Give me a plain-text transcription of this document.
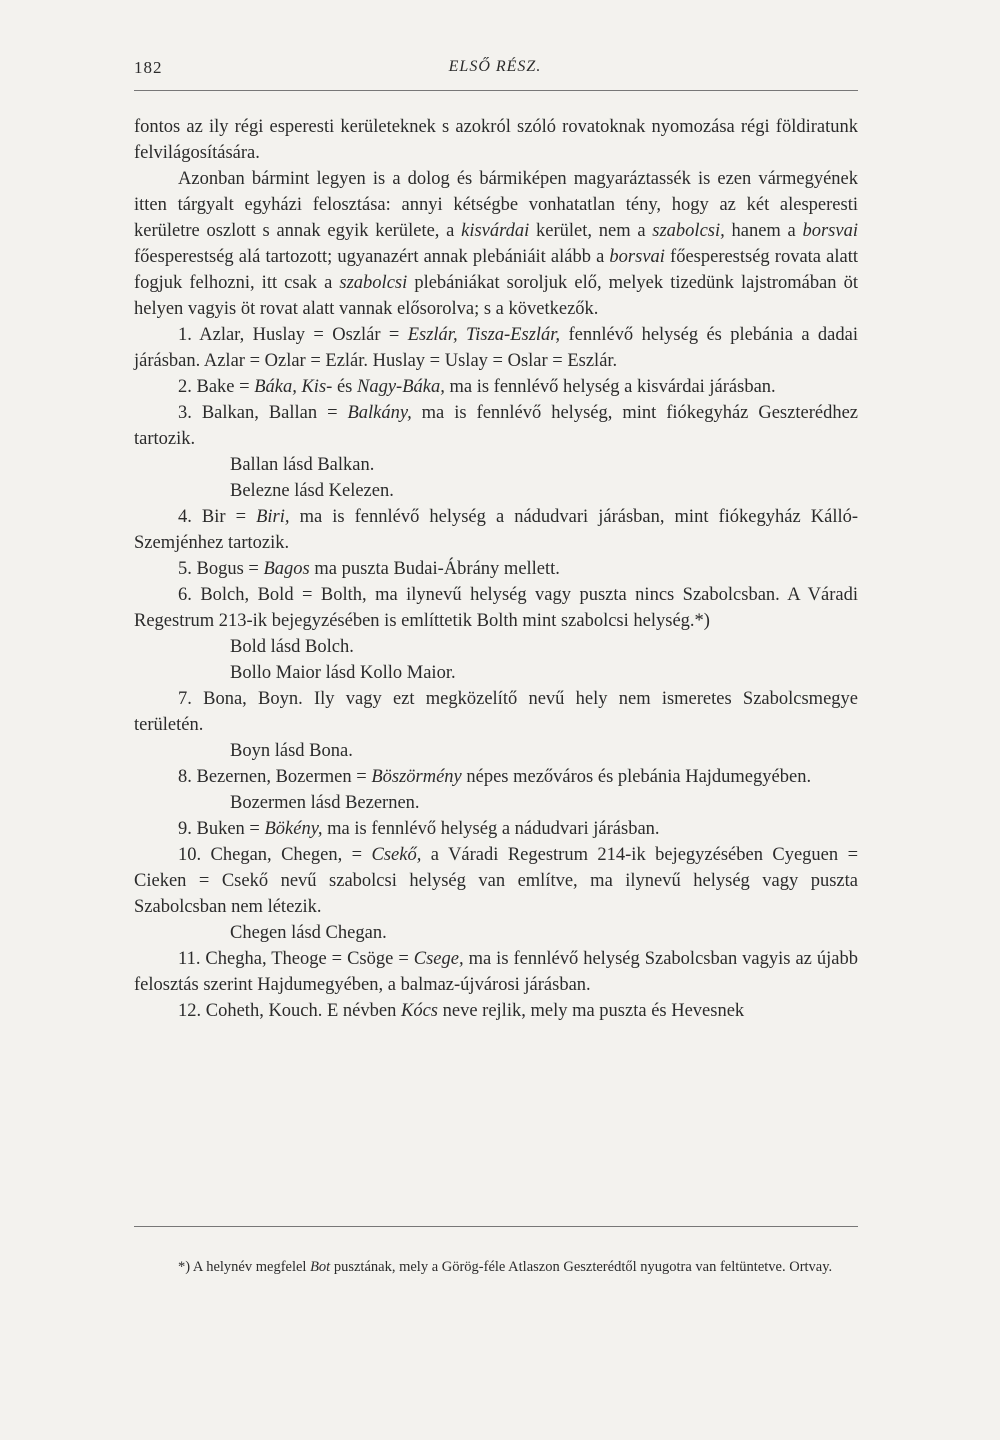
182	ELSŐ RÉSZ.

fontos az ily régi esperesti kerületeknek s azokról szóló rovatoknak nyomozása régi földiratunk felvilágosítására.

Azonban bármint legyen is a dolog és bármiképen magyaráztassék is ezen vármegyének itten tárgyalt egyházi felosztása: annyi kétségbe vonhatatlan tény, hogy az két alesperesti kerületre oszlott s annak egyik kerülete, a kisvárdai kerület, nem a szabolcsi, hanem a borsvai főesperestség alá tartozott; ugyanazért annak plebániáit alább a borsvai főesperestség rovata alatt fogjuk felhozni, itt csak a szabolcsi plebániákat soroljuk elő, melyek tizedünk lajstromában öt helyen vagyis öt rovat alatt vannak elősorolva; s a következők.

1. Azlar, Huslay = Oszlár = Eszlár, Tisza-Eszlár, fennlévő helység és plebánia a dadai járásban. Azlar = Ozlar = Ezlár. Huslay = Uslay = Oslar = Eszlár.

2. Bake = Báka, Kis- és Nagy-Báka, ma is fennlévő helység a kisvárdai járásban.

3. Balkan, Ballan = Balkány, ma is fennlévő helység, mint fiókegyház Geszterédhez tartozik.

Ballan lásd Balkan.

Belezne lásd Kelezen.

4. Bir = Biri, ma is fennlévő helység a nádudvari járásban, mint fiókegyház Kálló-Szemjénhez tartozik.

5. Bogus = Bagos ma puszta Budai-Ábrány mellett.

6. Bolch, Bold = Bolth, ma ilynevű helység vagy puszta nincs Szabolcsban. A Váradi Regestrum 213-ik bejegyzésében is említtetik Bolth mint szabolcsi helység.*)

Bold lásd Bolch.

Bollo Maior lásd Kollo Maior.

7. Bona, Boyn. Ily vagy ezt megközelítő nevű hely nem ismeretes Szabolcsmegye területén.

Boyn lásd Bona.

8. Bezernen, Bozermen = Böszörmény népes mezőváros és plebánia Hajdumegyében.

Bozermen lásd Bezernen.

9. Buken = Bökény, ma is fennlévő helység a nádudvari járásban.

10. Chegan, Chegen, = Csekő, a Váradi Regestrum 214-ik bejegyzésében Cyeguen = Cieken = Csekő nevű szabolcsi helység van említve, ma ilynevű helység vagy puszta Szabolcsban nem létezik.

Chegen lásd Chegan.

11. Chegha, Theoge = Csöge = Csege, ma is fennlévő helység Szabolcsban vagyis az újabb felosztás szerint Hajdumegyében, a balmaz-újvárosi járásban.

12. Coheth, Kouch. E névben Kócs neve rejlik, mely ma puszta és Hevesnek

*) A helynév megfelel Bot pusztának, mely a Görög-féle Atlaszon Geszterédtől nyugotra van feltüntetve. Ortvay.
